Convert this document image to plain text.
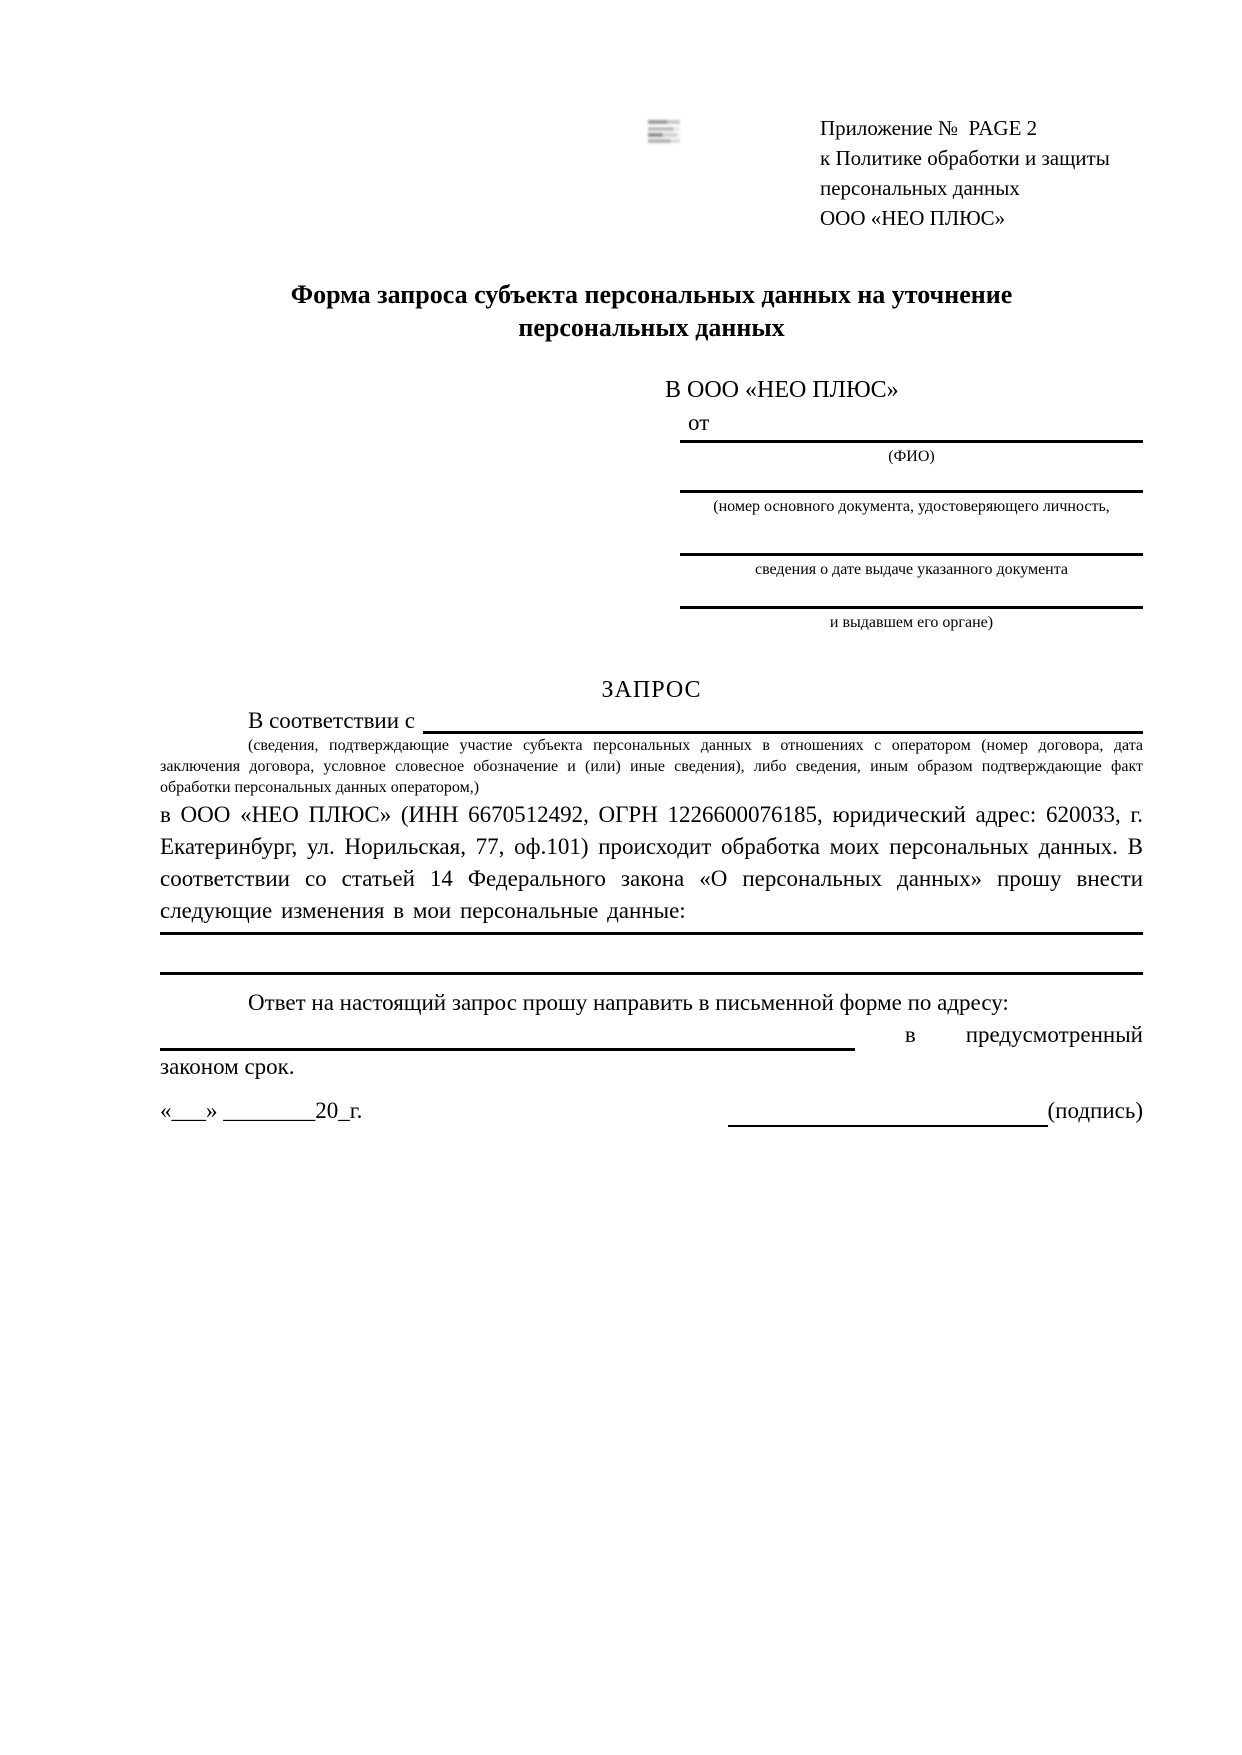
Приложение №  PAGE 2
к Политике обработки и защиты
персональных данных
ООО «НЕО ПЛЮС»
Форма запроса субъекта персональных данных на уточнение персональных данных
В ООО «НЕО ПЛЮС»
от
(ФИО)
(номер основного документа, удостоверяющего личность,
сведения о дате выдаче указанного документа
и выдавшем его органе)
ЗАПРОС
В соответствии с
(сведения, подтверждающие участие субъекта персональных данных в отношениях с оператором (номер договора, дата заключения договора, условное словесное обозначение и (или) иные сведения), либо сведения, иным образом подтверждающие факт обработки персональных данных оператором,)
в ООО «НЕО ПЛЮС» (ИНН 6670512492, ОГРН 1226600076185, юридический адрес: 620033, г. Екатеринбург, ул. Норильская, 77, оф.101) происходит обработка моих персональных данных. В соответствии со статьей 14 Федерального закона «О персональных данных» прошу внести следующие изменения в мои персональные данные:

Ответ на настоящий запрос прошу направить в письменной форме по адресу:

в предусмотренный

законом срок.

«___» ________20_г.	(подпись)
